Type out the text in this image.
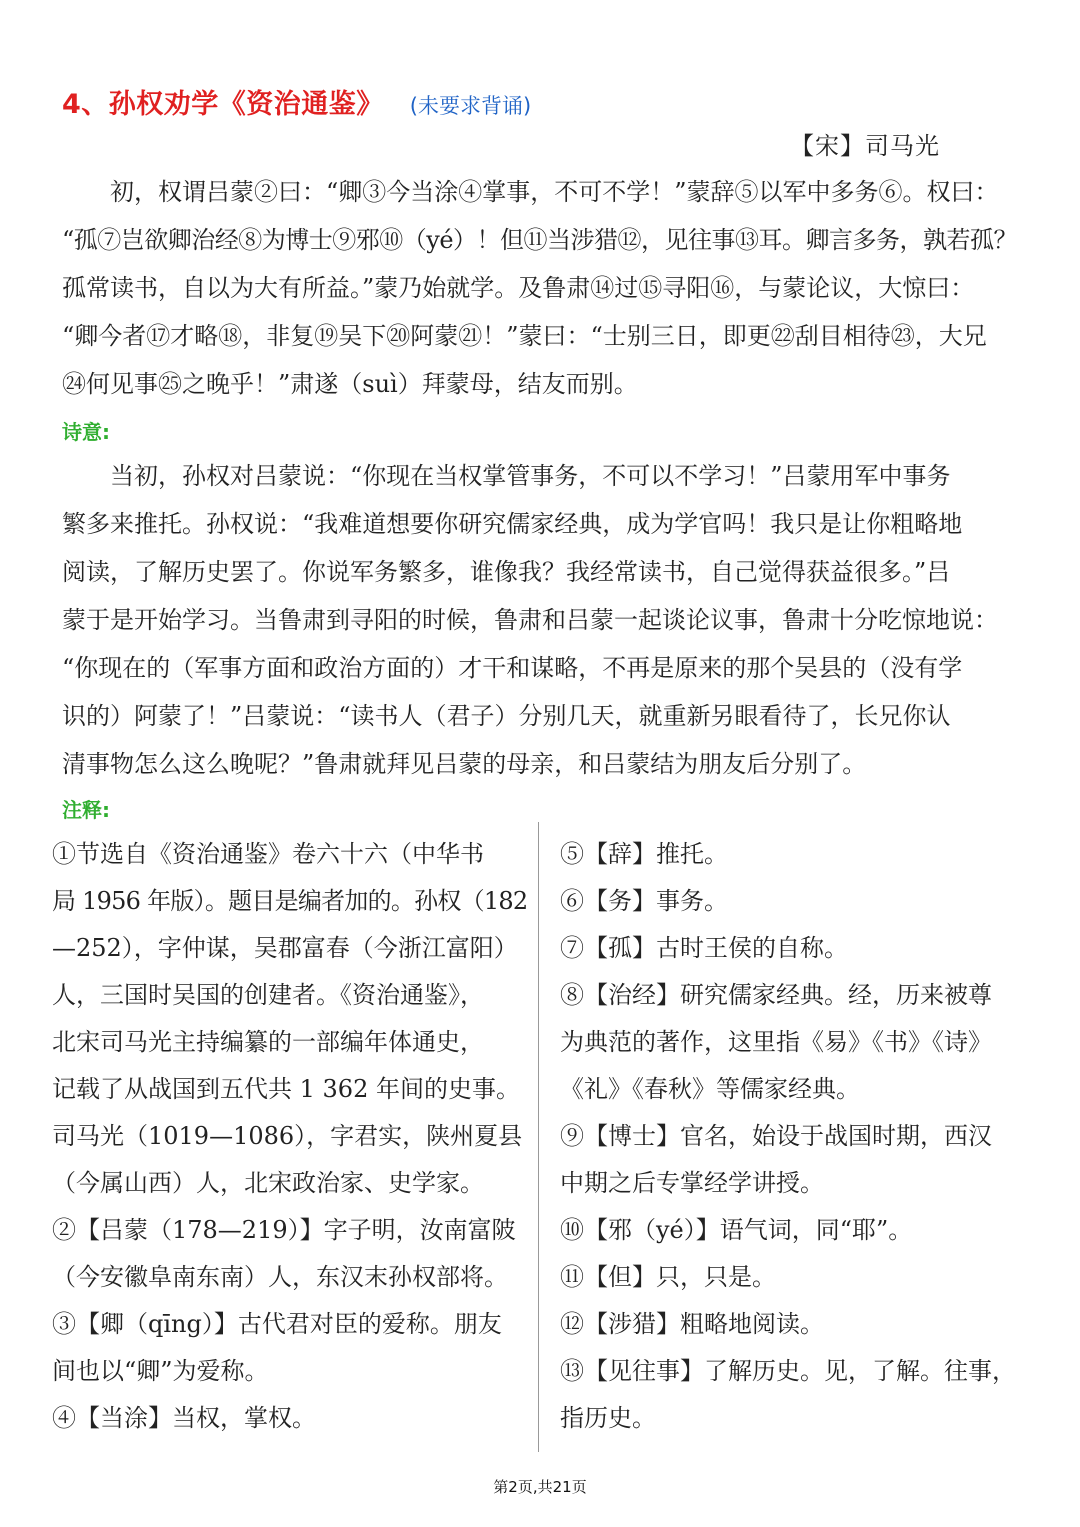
4、孙权劝学《资治通鉴》 (未要求背诵)
【宋】司马光
初，权谓吕蒙②曰：“卿③今当涂④掌事，不可不学！”蒙辞⑤以军中多务⑥。权曰：
“孤⑦岂欲卿治经⑧为博士⑨邪⑩（yé）！但⑪当涉猎⑫，见往事⑬耳。卿言多务，孰若孤？
孤常读书，自以为大有所益。”蒙乃始就学。及鲁肃⑭过⑮寻阳⑯，与蒙论议，大惊曰：
“卿今者⑰才略⑱，非复⑲吴下⑳阿蒙㉑！”蒙曰：“士别三日，即更㉒刮目相待㉓，大兄
㉔何见事㉕之晚乎！”肃遂（suì）拜蒙母，结友而别。
诗意:
当初，孙权对吕蒙说：“你现在当权掌管事务，不可以不学习！”吕蒙用军中事务
繁多来推托。孙权说：“我难道想要你研究儒家经典，成为学官吗！我只是让你粗略地
阅读，了解历史罢了。你说军务繁多，谁像我？我经常读书，自己觉得获益很多。”吕
蒙于是开始学习。当鲁肃到寻阳的时候，鲁肃和吕蒙一起谈论议事，鲁肃十分吃惊地说：
“你现在的（军事方面和政治方面的）才干和谋略，不再是原来的那个吴县的（没有学
识的）阿蒙了！”吕蒙说：“读书人（君子）分别几天，就重新另眼看待了，长兄你认
清事物怎么这么晚呢？”鲁肃就拜见吕蒙的母亲，和吕蒙结为朋友后分别了。
注释:
①节选自《资治通鉴》卷六十六（中华书
局 1956 年版）。题目是编者加的。孙权（182
—252），字仲谋，吴郡富春（今浙江富阳）
人，三国时吴国的创建者。《资治通鉴》，
北宋司马光主持编纂的一部编年体通史，
记载了从战国到五代共 1 362 年间的史事。
司马光（1019—1086），字君实，陕州夏县
（今属山西）人，北宋政治家、史学家。
②【吕蒙（178—219）】字子明，汝南富陂
（今安徽阜南东南）人，东汉末孙权部将。
③【卿（qīng）】古代君对臣的爱称。朋友
间也以“卿”为爱称。
④【当涂】当权，掌权。
⑤【辞】推托。
⑥【务】事务。
⑦【孤】古时王侯的自称。
⑧【治经】研究儒家经典。经，历来被尊
为典范的著作，这里指《易》《书》《诗》
《礼》《春秋》等儒家经典。
⑨【博士】官名，始设于战国时期，西汉
中期之后专掌经学讲授。
⑩【邪（yé）】语气词，同“耶”。
⑪【但】只，只是。
⑫【涉猎】粗略地阅读。
⑬【见往事】了解历史。见，了解。往事，
指历史。
第2页,共21页
